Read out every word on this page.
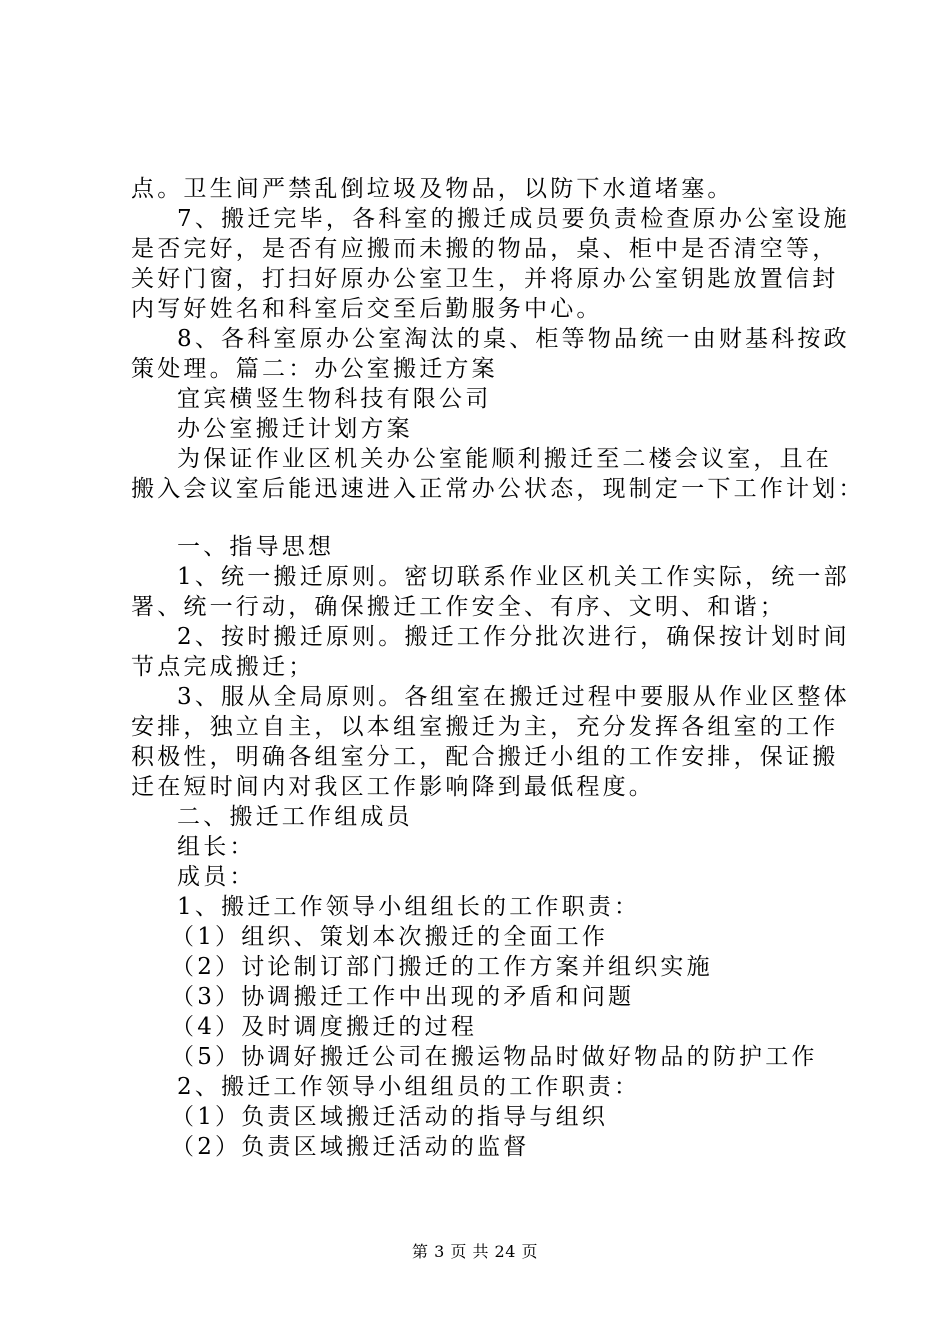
点。卫生间严禁乱倒垃圾及物品，以防下水道堵塞。
7、搬迁完毕，各科室的搬迁成员要负责检查原办公室设施
是否完好，是否有应搬而未搬的物品，桌、柜中是否清空等，
关好门窗，打扫好原办公室卫生，并将原办公室钥匙放置信封
内写好姓名和科室后交至后勤服务中心。
8、各科室原办公室淘汰的桌、柜等物品统一由财基科按政
策处理。篇二：办公室搬迁方案
宜宾横竖生物科技有限公司
办公室搬迁计划方案
为保证作业区机关办公室能顺利搬迁至二楼会议室，且在
搬入会议室后能迅速进入正常办公状态，现制定一下工作计划：
一、指导思想
1、统一搬迁原则。密切联系作业区机关工作实际，统一部
署、统一行动，确保搬迁工作安全、有序、文明、和谐；
2、按时搬迁原则。搬迁工作分批次进行，确保按计划时间
节点完成搬迁；
3、服从全局原则。各组室在搬迁过程中要服从作业区整体
安排，独立自主，以本组室搬迁为主，充分发挥各组室的工作
积极性，明确各组室分工，配合搬迁小组的工作安排，保证搬
迁在短时间内对我区工作影响降到最低程度。
二、搬迁工作组成员
组长：
成员：
1、搬迁工作领导小组组长的工作职责：
（1）组织、策划本次搬迁的全面工作
（2）讨论制订部门搬迁的工作方案并组织实施
（3）协调搬迁工作中出现的矛盾和问题
（4）及时调度搬迁的过程
（5）协调好搬迁公司在搬运物品时做好物品的防护工作
2、搬迁工作领导小组组员的工作职责：
（1）负责区域搬迁活动的指导与组织
（2）负责区域搬迁活动的监督
第 3 页 共 24 页
